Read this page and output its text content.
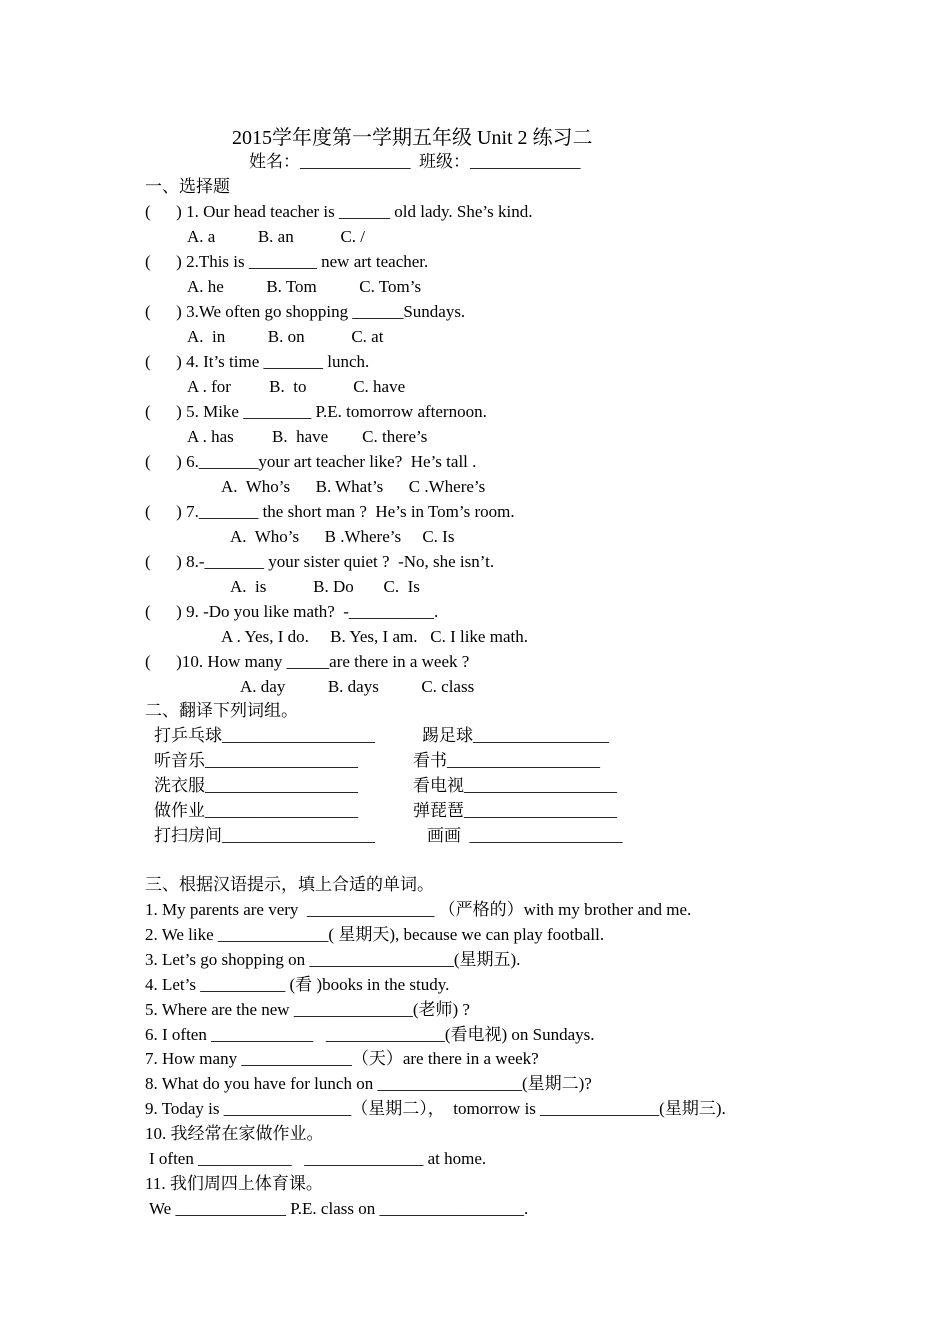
2015学年度第一学期五年级 Unit 2 练习二
姓名：_____________  班级：_____________
一、选择题
(      ) 1. Our head teacher is ______ old lady. She’s kind.
A. a          B. an           C. /
(      ) 2.This is ________ new art teacher.
A. he          B. Tom          C. Tom’s
(      ) 3.We often go shopping ______Sundays.
A.  in          B. on           C. at
(      ) 4. It’s time _______ lunch.
A . for         B.  to           C. have
(      ) 5. Mike ________ P.E. tomorrow afternoon.
A . has         B.  have        C. there’s
(      ) 6._______your art teacher like?  He’s tall .
A.  Who’s      B. What’s      C .Where’s
(      ) 7._______ the short man ?  He’s in Tom’s room.
A.  Who’s      B .Where’s     C. Is
(      ) 8.-_______ your sister quiet ?  -No, she isn’t.
A.  is           B. Do       C.  Is
(      ) 9. -Do you like math?  -__________.
A . Yes, I do.     B. Yes, I am.   C. I like math.
(      )10. How many _____are there in a week ?
A. day          B. days          C. class
二、翻译下列词组。
打乒乓球__________________	踢足球________________
听音乐__________________	看书__________________
洗衣服__________________	看电视__________________
做作业__________________	弹琵琶__________________
打扫房间__________________	画画  __________________
三、根据汉语提示，填上合适的单词。
1. My parents are very  _______________ （严格的）with my brother and me.
2. We like _____________( 星期天), because we can play football.
3. Let’s go shopping on _________________(星期五).
4. Let’s __________ (看 )books in the study.
5. Where are the new ______________(老师) ?
6. I often ____________   ______________(看电视) on Sundays.
7. How many _____________（天）are there in a week?
8. What do you have for lunch on _________________(星期二)?
9. Today is _______________（星期二），  tomorrow is ______________(星期三).
10. 我经常在家做作业。
I often ___________   ______________ at home.
11. 我们周四上体育课。
We _____________ P.E. class on _________________.
